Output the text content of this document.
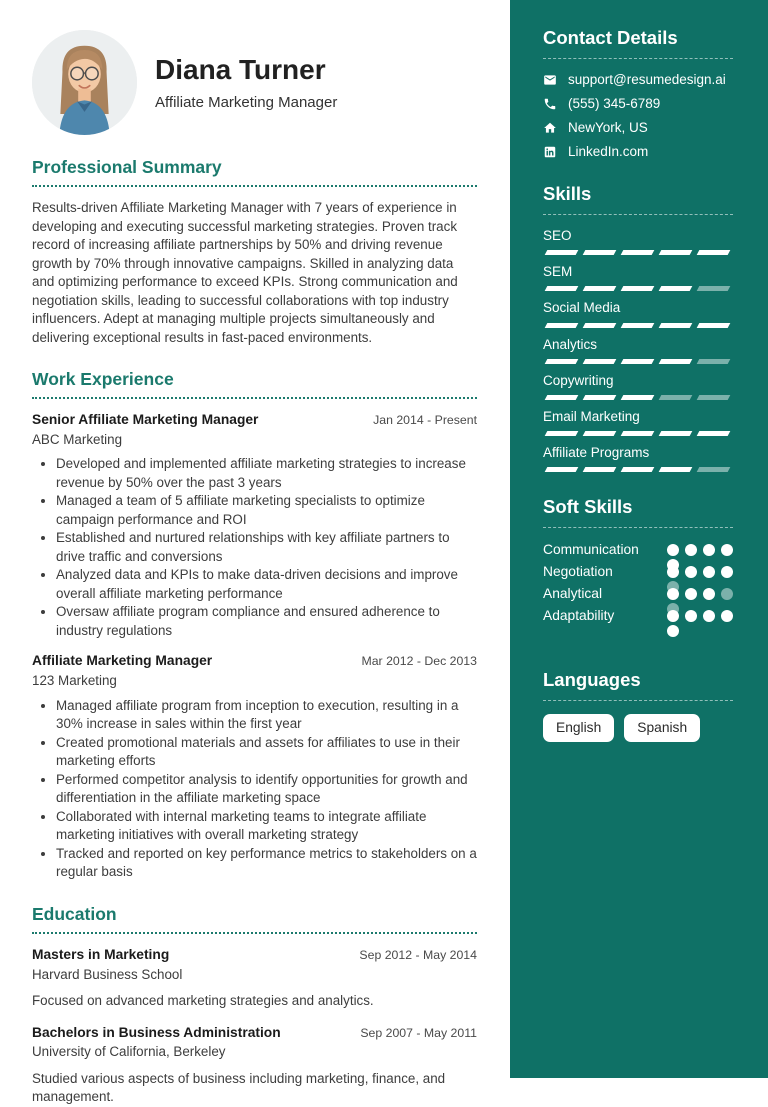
Diana Turner
Affiliate Marketing Manager
Professional Summary

Results-driven Affiliate Marketing Manager with 7 years of experience in developing and executing successful marketing strategies. Proven track record of increasing affiliate partnerships by 50% and driving revenue growth by 70% through innovative campaigns. Skilled in analyzing data and optimizing performance to exceed KPIs. Strong communication and negotiation skills, leading to successful collaborations with top industry influencers. Adept at managing multiple projects simultaneously and delivering exceptional results in fast-paced environments.

Work Experience
Senior Affiliate Marketing Manager	Jan 2014 - Present
ABC Marketing
• Developed and implemented affiliate marketing strategies to increase revenue by 50% over the past 3 years
• Managed a team of 5 affiliate marketing specialists to optimize campaign performance and ROI
• Established and nurtured relationships with key affiliate partners to drive traffic and conversions
• Analyzed data and KPIs to make data-driven decisions and improve overall affiliate marketing performance
• Oversaw affiliate program compliance and ensured adherence to industry regulations
Affiliate Marketing Manager	Mar 2012 - Dec 2013
123 Marketing
• Managed affiliate program from inception to execution, resulting in a 30% increase in sales within the first year
• Created promotional materials and assets for affiliates to use in their marketing efforts
• Performed competitor analysis to identify opportunities for growth and differentiation in the affiliate marketing space
• Collaborated with internal marketing teams to integrate affiliate marketing initiatives with overall marketing strategy
• Tracked and reported on key performance metrics to stakeholders on a regular basis
Education
Masters in Marketing	Sep 2012 - May 2014
Harvard Business School
Focused on advanced marketing strategies and analytics.
Bachelors in Business Administration	Sep 2007 - May 2011
University of California, Berkeley
Studied various aspects of business including marketing, finance, and management.
Contact Details
support@resumedesign.ai
(555) 345-6789
NewYork, US
LinkedIn.com
Skills
SEO
SEM
Social Media
Analytics
Copywriting
Email Marketing
Affiliate Programs
Soft Skills
Communication
Negotiation
Analytical
Adaptability
Languages
English	Spanish
